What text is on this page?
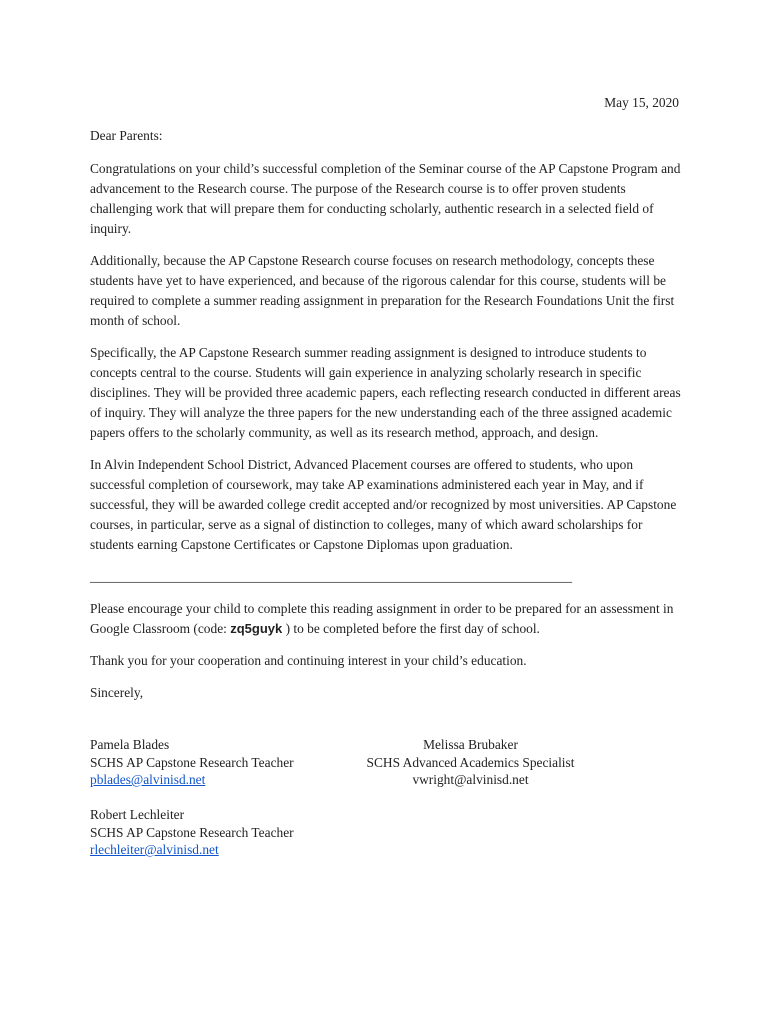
May 15, 2020
Dear Parents:

Congratulations on your child’s successful completion of the Seminar course of the AP Capstone Program and advancement to the Research course. The purpose of the Research course is to offer proven students challenging work that will prepare them for conducting scholarly, authentic research in a selected field of inquiry.

Additionally, because the AP Capstone Research course focuses on research methodology, concepts these students have yet to have experienced, and because of the rigorous calendar for this course, students will be required to complete a summer reading assignment in preparation for the Research Foundations Unit the first month of school.

Specifically, the AP Capstone Research summer reading assignment is designed to introduce students to concepts central to the course. Students will gain experience in analyzing scholarly research in specific disciplines. They will be provided three academic papers, each reflecting research conducted in different areas of inquiry. They will analyze the three papers for the new understanding each of the three assigned academic papers offers to the scholarly community, as well as its research method, approach, and design.

In Alvin Independent School District, Advanced Placement courses are offered to students, who upon successful completion of coursework, may take AP examinations administered each year in May, and if successful, they will be awarded college credit accepted and/or recognized by most universities. AP Capstone courses, in particular, serve as a signal of distinction to colleges, many of which award scholarships for students earning Capstone Certificates or Capstone Diplomas upon graduation.

________________________________________________________________________

Please encourage your child to complete this reading assignment in order to be prepared for an assessment in Google Classroom (code: zq5guyk ) to be completed before the first day of school.

Thank you for your cooperation and continuing interest in your child’s education.

Sincerely,

Pamela Blades
SCHS AP Capstone Research Teacher
pblades@alvinisd.net
Melissa Brubaker
SCHS Advanced Academics Specialist
vwright@alvinisd.net
Robert Lechleiter
SCHS AP Capstone Research Teacher
rlechleiter@alvinisd.net
